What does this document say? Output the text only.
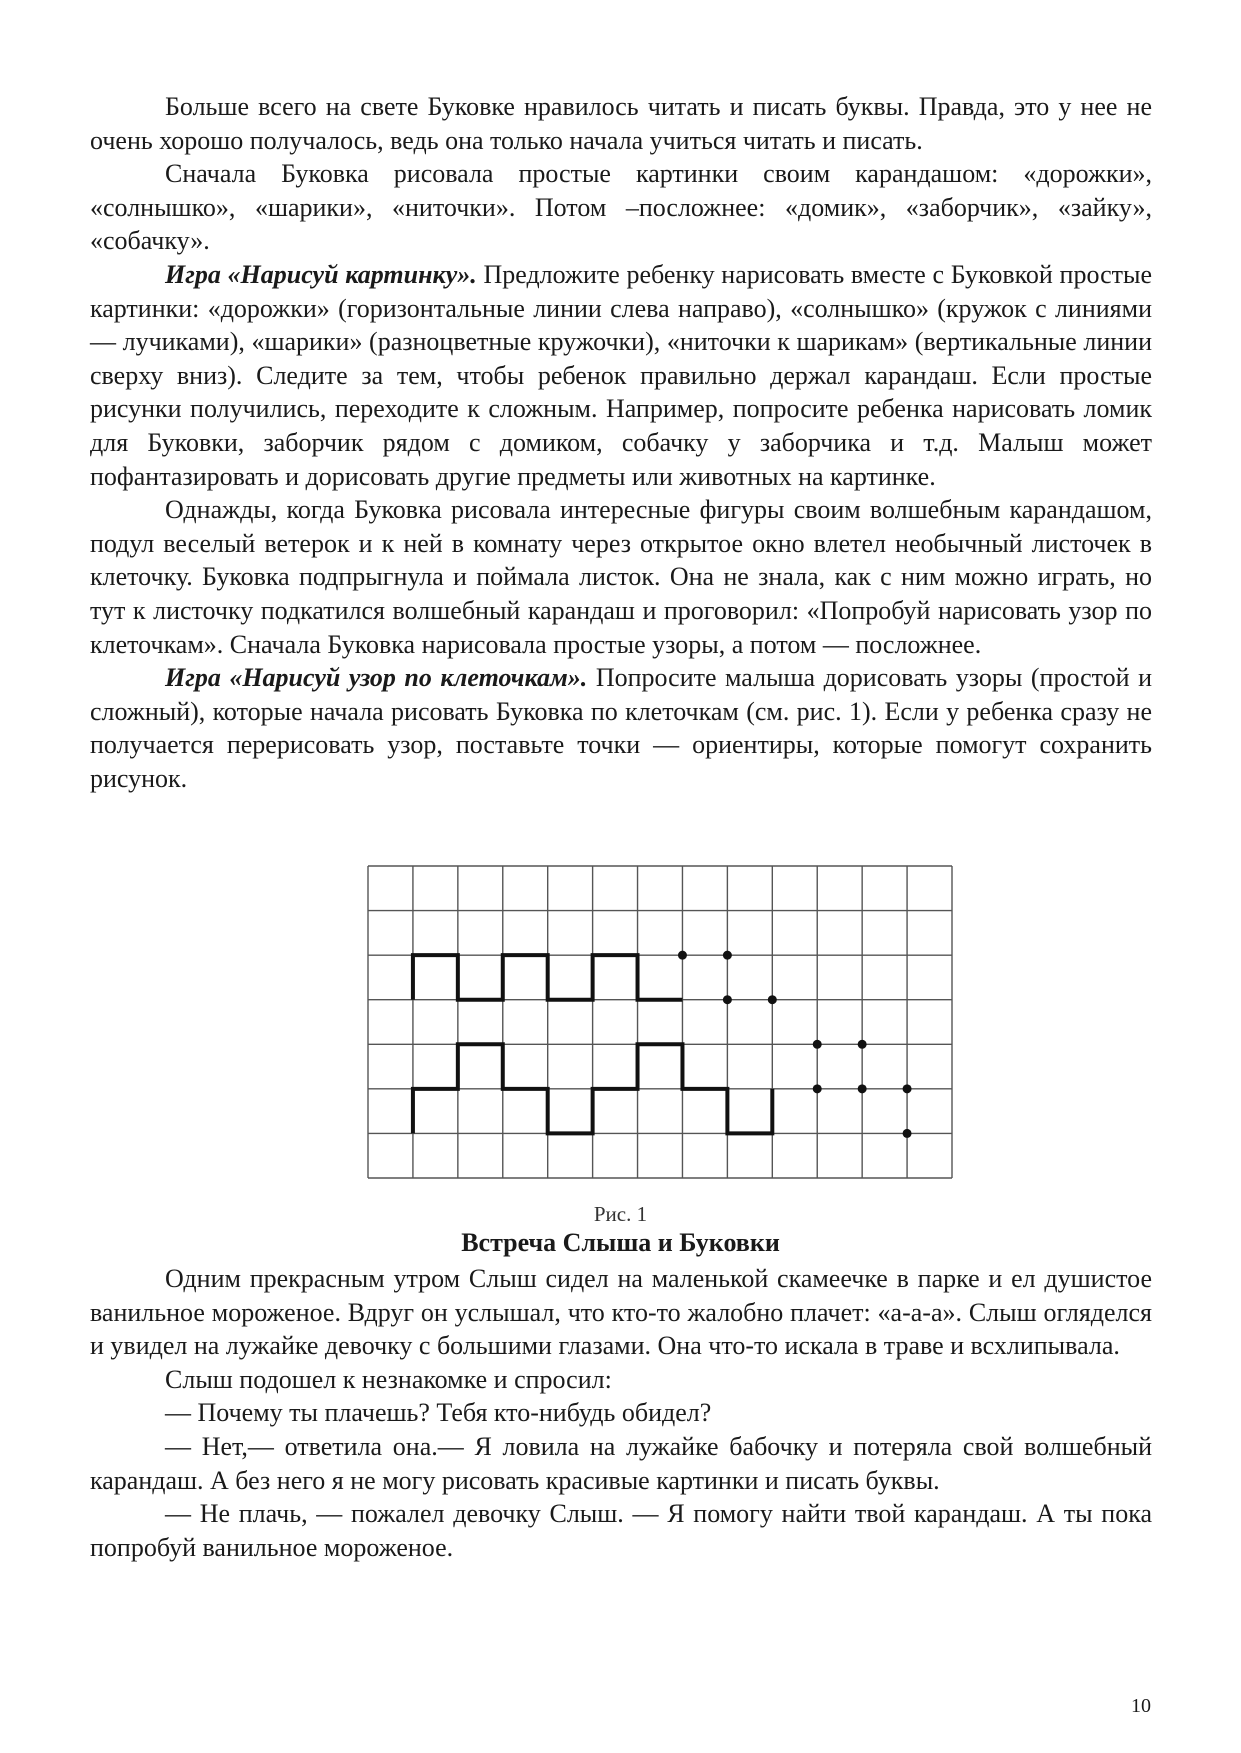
Больше всего на свете Буковке нравилось читать и писать буквы. Правда, это у нее не очень хорошо получалось, ведь она только начала учиться читать и писать.

Сначала Буковка рисовала простые картинки своим карандашом: «дорожки», «солнышко», «шарики», «ниточки». Потом –посложнее: «домик», «заборчик», «зайку», «собачку».

Игра «Нарисуй картинку». Предложите ребенку нарисовать вместе с Буковкой простые картинки: «дорожки» (горизонтальные линии слева направо), «солнышко» (кружок с линиями — лучиками), «шарики» (разноцветные кружочки), «ниточки к шарикам» (вертикальные линии сверху вниз). Следите за тем, чтобы ребенок правильно держал карандаш. Если простые рисунки получились, переходите к сложным. Например, попросите ребенка нарисовать ломик для Буковки, заборчик рядом с домиком, собачку у заборчика и т.д. Малыш может пофантазировать и дорисовать другие предметы или животных на картинке.

Однажды, когда Буковка рисовала интересные фигуры своим волшебным карандашом, подул веселый ветерок и к ней в комнату через открытое окно влетел необычный листочек в клеточку. Буковка подпрыгнула и поймала листок. Она не знала, как с ним можно играть, но тут к листочку подкатился волшебный карандаш и проговорил: «Попробуй нарисовать узор по клеточкам». Сначала Буковка нарисовала простые узоры, а потом — посложнее.

Игра «Нарисуй узор по клеточкам». Попросите малыша дорисовать узоры (простой и сложный), которые начала рисовать Буковка по клеточкам (см. рис. 1). Если у ребенка сразу не получается перерисовать узор, поставьте точки — ориентиры, которые помогут сохранить рисунок.

Рис. 1
Встреча Слыша и Буковки

Одним прекрасным утром Слыш сидел на маленькой скамеечке в парке и ел душистое ванильное мороженое. Вдруг он услышал, что кто-то жалобно плачет: «а-а-а». Слыш огляделся и увидел на лужайке девочку с большими глазами. Она что-то искала в траве и всхлипывала.

Слыш подошел к незнакомке и спросил:

— Почему ты плачешь? Тебя кто-нибудь обидел?

— Нет,— ответила она.— Я ловила на лужайке бабочку и потеряла свой волшебный карандаш. А без него я не могу рисовать красивые картинки и писать буквы.

— Не плачь, — пожалел девочку Слыш. — Я помогу найти твой карандаш. А ты пока попробуй ванильное мороженое.

10
